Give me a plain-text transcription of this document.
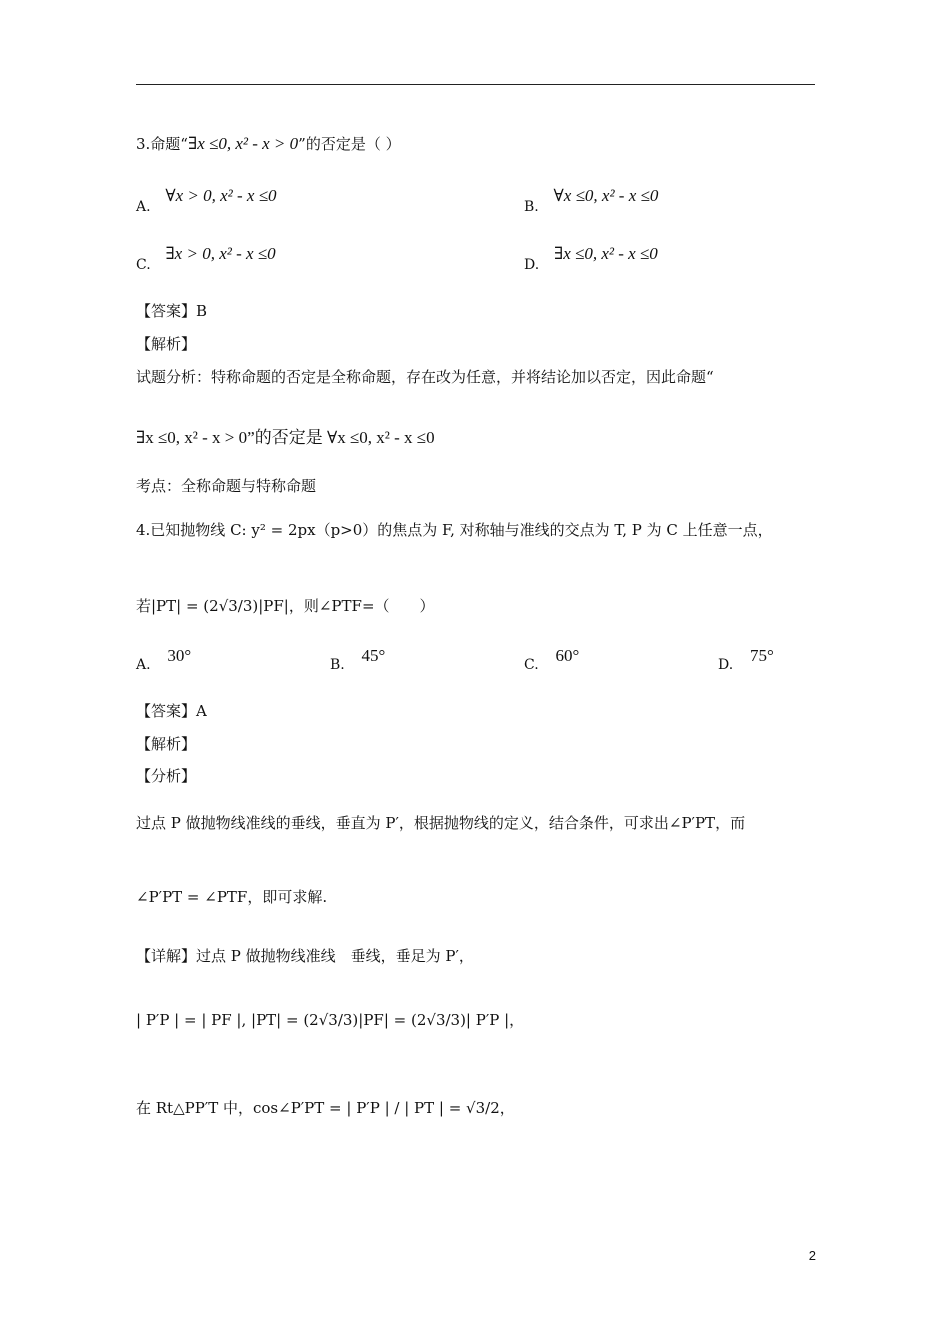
3.命题“∃x ≤0, x² - x > 0”的否定是（ ）
A. ∀x > 0, x² - x ≤0
B. ∀x ≤0, x² - x ≤0
C. ∃x > 0, x² - x ≤0
D. ∃x ≤0, x² - x ≤0
【答案】B
【解析】
试题分析：特称命题的否定是全称命题，存在改为任意，并将结论加以否定，因此命题“
∃x ≤0, x² - x > 0”的否定是 ∀x ≤0, x² - x ≤0
考点：全称命题与特称命题
4.已知抛物线 C: y² = 2px（p>0）的焦点为 F, 对称轴与准线的交点为 T, P 为 C 上任意一点，
若|PT| = (2√3/3)|PF|，则∠PTF=（　　）
A. 30°	B. 45°	C. 60°	D. 75°
【答案】A
【解析】
【分析】
过点 P 做抛物线准线的垂线，垂直为 P′，根据抛物线的定义，结合条件，可求出∠P′PT，而
∠P′PT = ∠PTF，即可求解.
【详解】过点 P 做抛物线准线　垂线，垂足为 P′，
| P′P | = | PF |, |PT| = (2√3/3)|PF| = (2√3/3)| P′P |，
在 Rt△PP′T 中，cos∠P′PT = | P′P | / | PT | = √3/2，
2
